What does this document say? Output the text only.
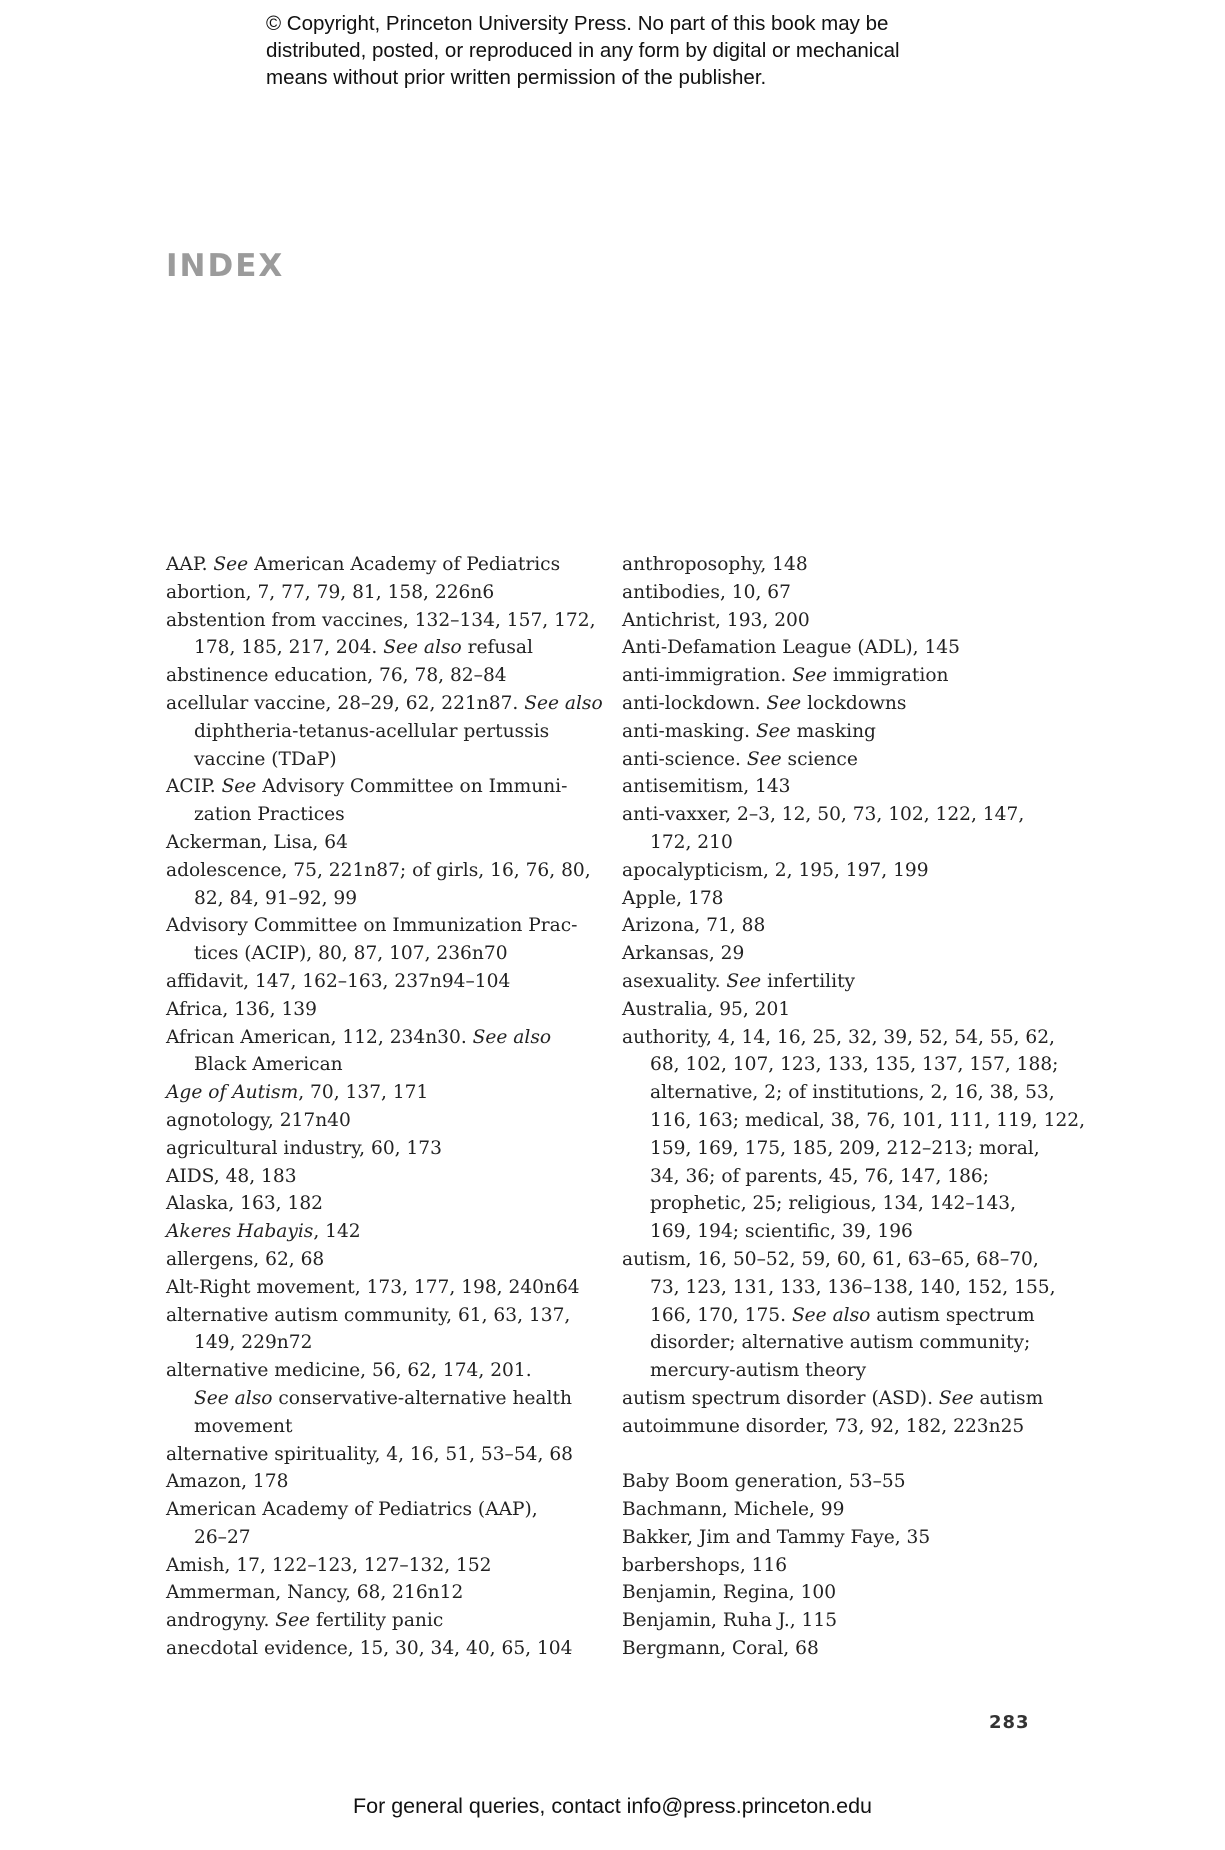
© Copyright, Princeton University Press. No part of this book may be
distributed, posted, or reproduced in any form by digital or mechanical
means without prior written permission of the publisher.
INDEX
AAP. See American Academy of Pediatrics
abortion, 7, 77, 79, 81, 158, 226n6
abstention from vaccines, 132–134, 157, 172,
178, 185, 217, 204. See also refusal
abstinence education, 76, 78, 82–84
acellular vaccine, 28–29, 62, 221n87. See also
diphtheria-tetanus-acellular pertussis
vaccine (TDaP)
ACIP. See Advisory Committee on Immuni-
zation Practices
Ackerman, Lisa, 64
adolescence, 75, 221n87; of girls, 16, 76, 80,
82, 84, 91–92, 99
Advisory Committee on Immunization Prac-
tices (ACIP), 80, 87, 107, 236n70
affidavit, 147, 162–163, 237n94–104
Africa, 136, 139
African American, 112, 234n30. See also
Black American
Age of Autism, 70, 137, 171
agnotology, 217n40
agricultural industry, 60, 173
AIDS, 48, 183
Alaska, 163, 182
Akeres Habayis, 142
allergens, 62, 68
Alt-Right movement, 173, 177, 198, 240n64
alternative autism community, 61, 63, 137,
149, 229n72
alternative medicine, 56, 62, 174, 201.
See also conservative-alternative health
movement
alternative spirituality, 4, 16, 51, 53–54, 68
Amazon, 178
American Academy of Pediatrics (AAP),
26–27
Amish, 17, 122–123, 127–132, 152
Ammerman, Nancy, 68, 216n12
androgyny. See fertility panic
anecdotal evidence, 15, 30, 34, 40, 65, 104
anthroposophy, 148
antibodies, 10, 67
Antichrist, 193, 200
Anti-Defamation League (ADL), 145
anti-immigration. See immigration
anti-lockdown. See lockdowns
anti-masking. See masking
anti-science. See science
antisemitism, 143
anti-vaxxer, 2–3, 12, 50, 73, 102, 122, 147,
172, 210
apocalypticism, 2, 195, 197, 199
Apple, 178
Arizona, 71, 88
Arkansas, 29
asexuality. See infertility
Australia, 95, 201
authority, 4, 14, 16, 25, 32, 39, 52, 54, 55, 62,
68, 102, 107, 123, 133, 135, 137, 157, 188;
alternative, 2; of institutions, 2, 16, 38, 53,
116, 163; medical, 38, 76, 101, 111, 119, 122,
159, 169, 175, 185, 209, 212–213; moral,
34, 36; of parents, 45, 76, 147, 186;
prophetic, 25; religious, 134, 142–143,
169, 194; scientific, 39, 196
autism, 16, 50–52, 59, 60, 61, 63–65, 68–70,
73, 123, 131, 133, 136–138, 140, 152, 155,
166, 170, 175. See also autism spectrum
disorder; alternative autism community;
mercury-autism theory
autism spectrum disorder (ASD). See autism
autoimmune disorder, 73, 92, 182, 223n25
Baby Boom generation, 53–55
Bachmann, Michele, 99
Bakker, Jim and Tammy Faye, 35
barbershops, 116
Benjamin, Regina, 100
Benjamin, Ruha J., 115
Bergmann, Coral, 68
283
For general queries, contact info@press.princeton.edu
